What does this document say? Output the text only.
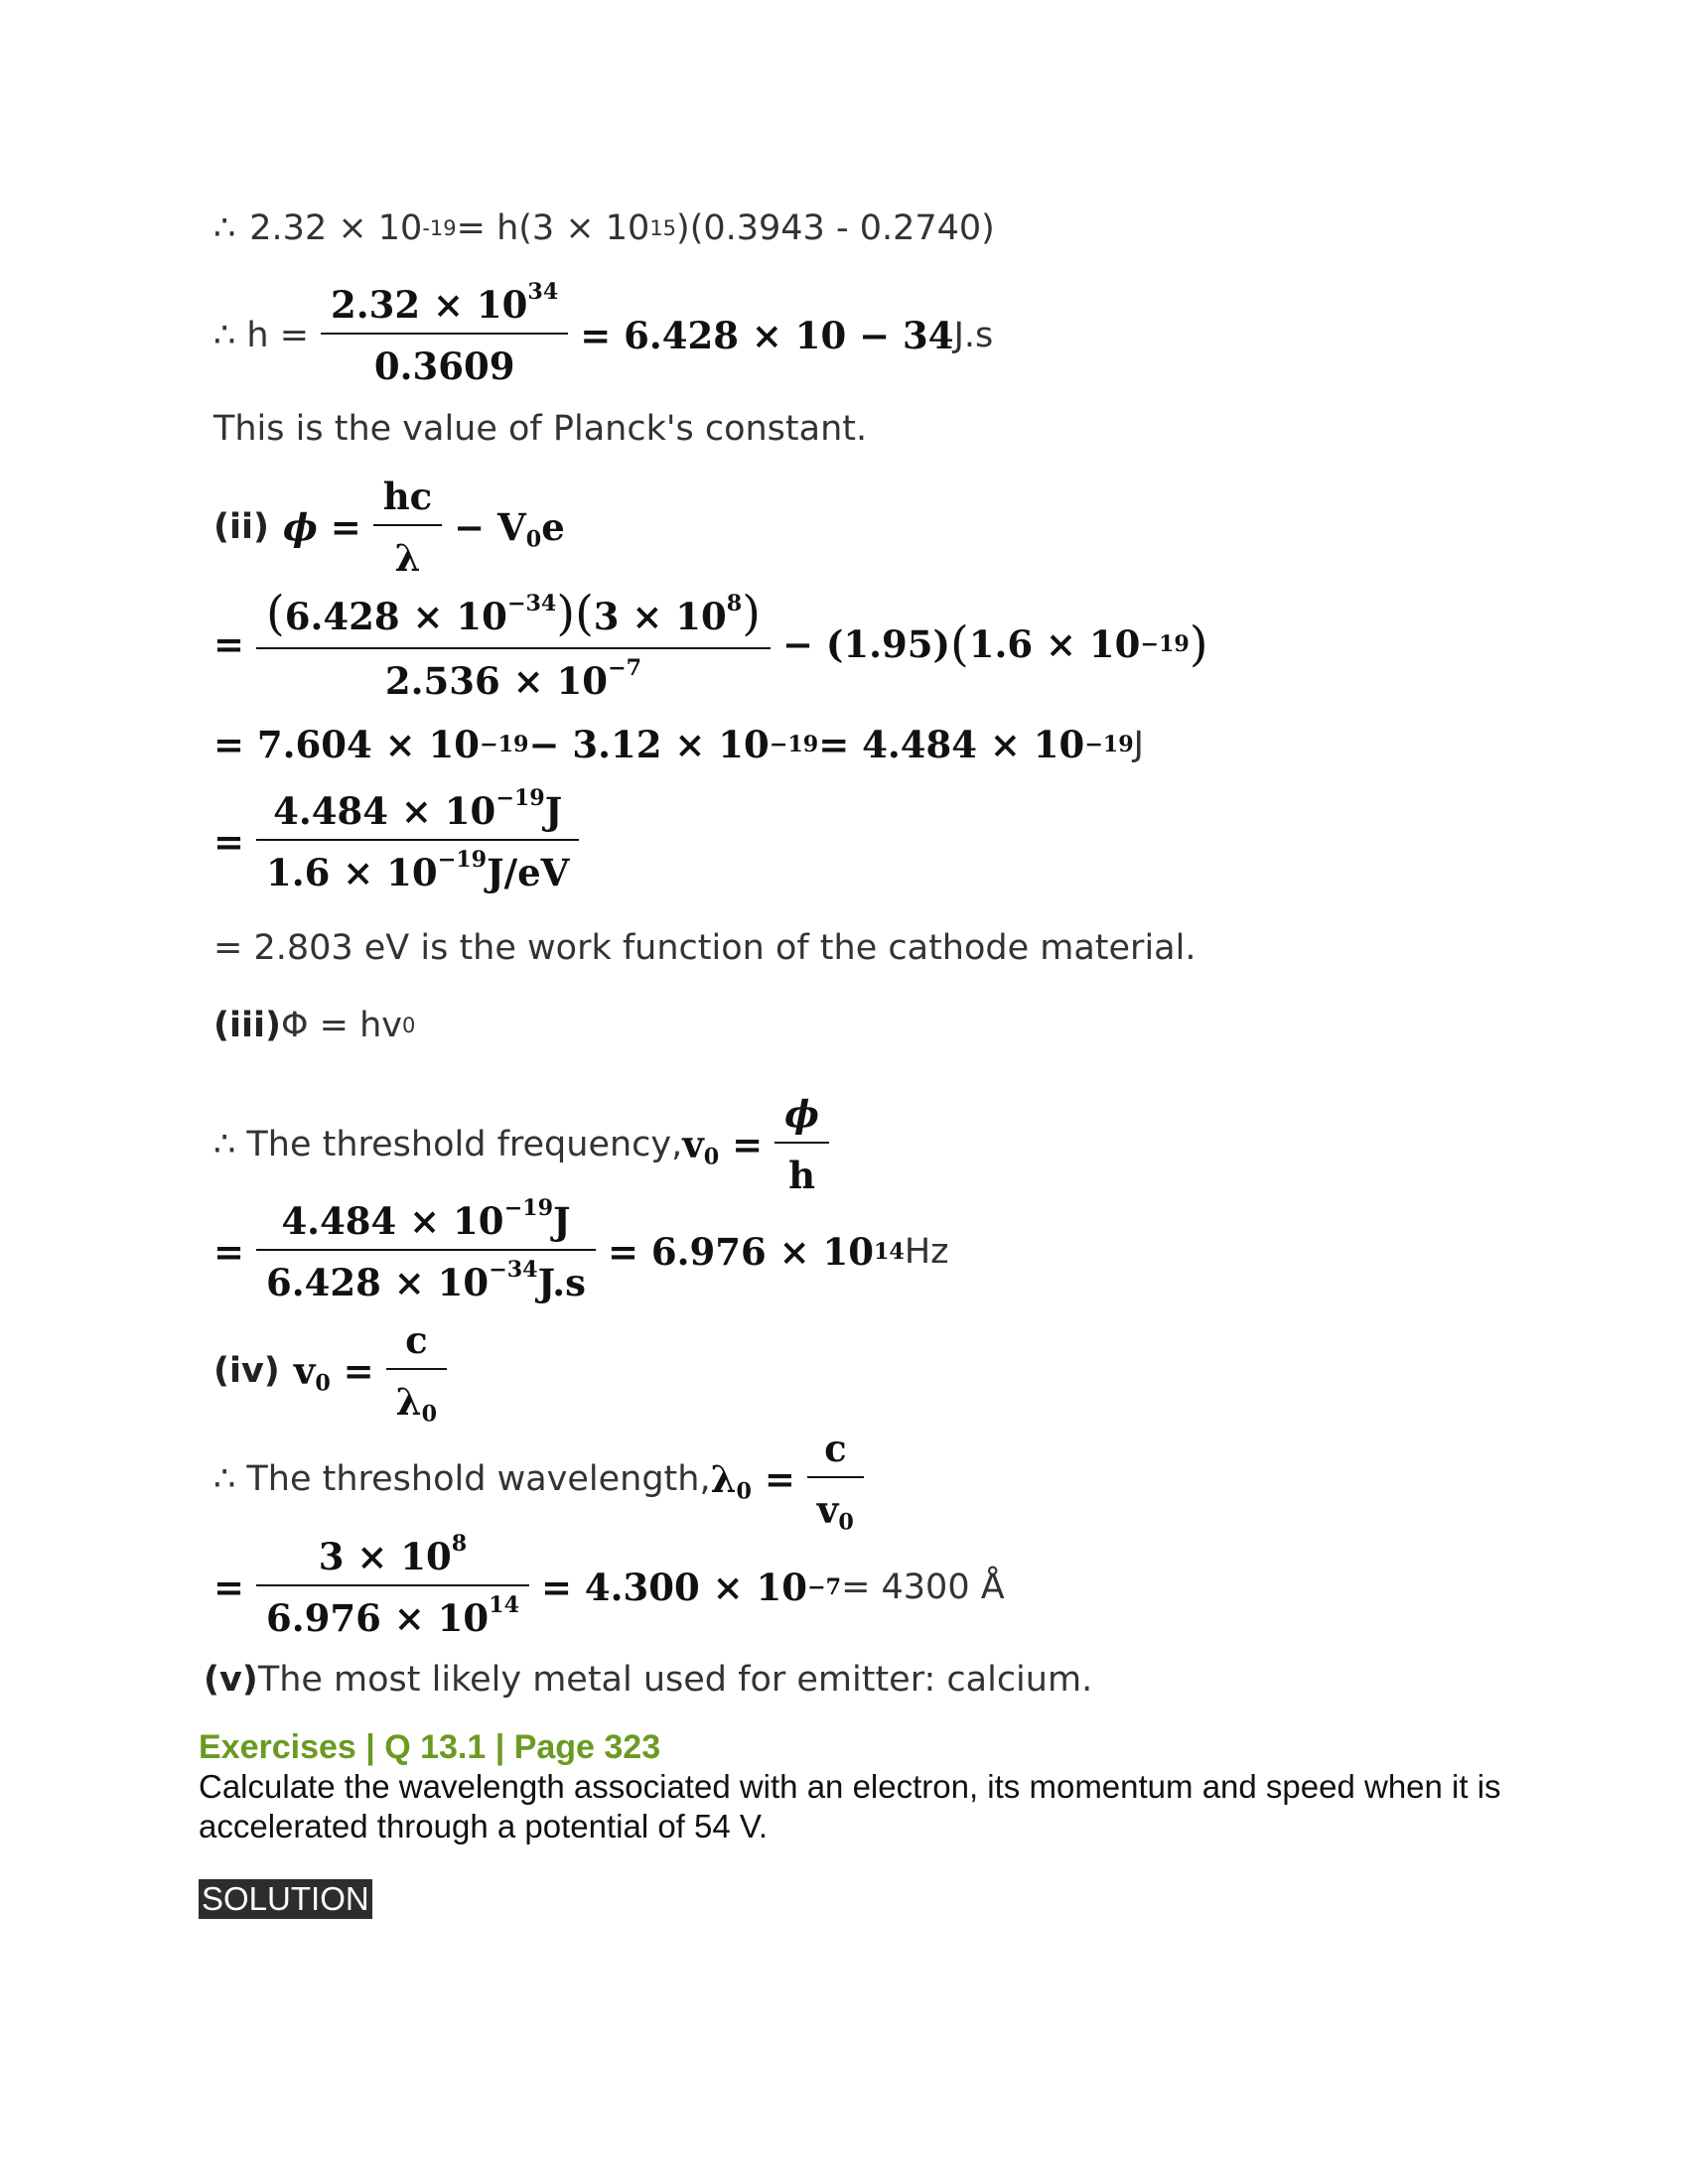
∴ 2.32 × 10 -19 = h(3 × 10 15 )(0.3943 - 0.2740)
∴ $h = \frac{2.32 \times 10^{34}}{0.3609} = 6.428 \times 10 - 34$ J.s
This is the value of Planck's constant.
(ii) $\phi = \frac{hc}{\lambda} - V_0e$
= $\frac{(6.428 \times 10^{-34})(3 \times 10^8)}{2.536 \times 10^{-7}} - (1.95)$ ( 1.6 × 10 −19 )
= 7.604 × 10 −19 − 3.12 × 10 −19 = 4.484 × 10 −19 J
= $\frac{4.484 \times 10^{-19}J}{1.6 \times 10^{-19}J/eV}$
= 2.803 eV is the work function of the cathode material.
(iii) Φ = hv 0
∴ The threshold frequency, $v_0 = \frac{\phi}{h}$
= $\frac{4.484 \times 10^{-19}J}{6.428 \times 10^{-34}J.s} = 6.976 \times 10$ 14 Hz
(iv) $v_0 = \frac{c}{\lambda_0}$
∴ The threshold wavelength, $\lambda_0 = \frac{c}{v_0}$
= $\frac{3 \times 10^8}{6.976 \times 10^{14}} = 4.300 \times 10 -7 = 4300$ Å
(v) The most likely metal used for emitter: calcium.
Exercises | Q 13.1 | Page 323
Calculate the wavelength associated with an electron, its momentum and speed when it is accelerated through a potential of 54 V.
SOLUTION
